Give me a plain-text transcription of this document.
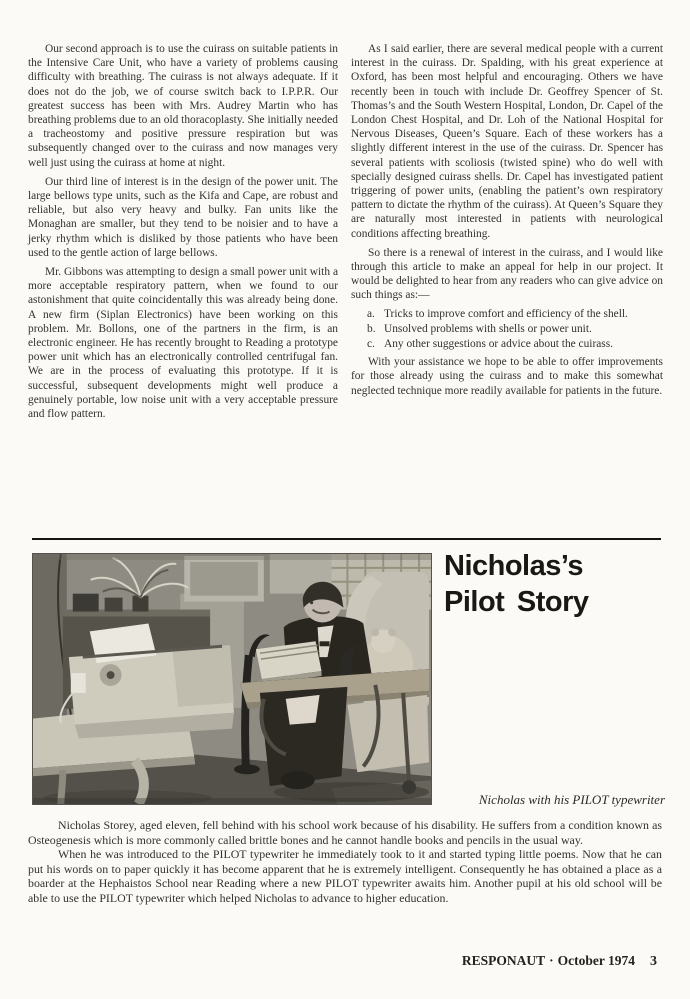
Our second approach is to use the cuirass on suitable patients in the Intensive Care Unit, who have a variety of problems causing difficulty with breathing. The cuirass is not always adequate. If it does not do the job, we of course switch back to I.P.P.R. Our greatest success has been with Mrs. Audrey Martin who has breathing problems due to an old thoracoplasty. She initially needed a tracheostomy and positive pressure respiration but was subsequently changed over to the cuirass and now manages very well just using the cuirass at home at night.

Our third line of interest is in the design of the power unit. The large bellows type units, such as the Kifa and Cape, are robust and reliable, but also very heavy and bulky. Fan units like the Monaghan are smaller, but they tend to be noisier and to have a jerky rhythm which is disliked by those patients who have been used to the gentle action of large bellows.

Mr. Gibbons was attempting to design a small power unit with a more acceptable respiratory pattern, when we found to our astonishment that quite coincidentally this was already being done. A new firm (Siplan Electronics) have been working on this problem. Mr. Bollons, one of the partners in the firm, is an electronic engineer. He has recently brought to Reading a prototype power unit which has an electronically controlled centrifugal fan. We are in the process of evaluating this prototype. If it is successful, subsequent developments might well produce a genuinely portable, low noise unit with a very acceptable pressure and flow pattern.

As I said earlier, there are several medical people with a current interest in the cuirass. Dr. Spalding, with his great experience at Oxford, has been most helpful and encouraging. Others we have recently been in touch with include Dr. Geoffrey Spencer of St. Thomas’s and the South Western Hospital, London, Dr. Capel of the London Chest Hospital, and Dr. Loh of the National Hospital for Nervous Diseases, Queen’s Square. Each of these workers has a slightly different interest in the use of the cuirass. Dr. Spencer has several patients with scoliosis (twisted spine) who do well with specially designed cuirass shells. Dr. Capel has investigated patient triggering of power units, (enabling the patient’s own respiratory pattern to dictate the rhythm of the cuirass). At Queen’s Square they are naturally most interested in patients with neurological conditions affecting breathing.

So there is a renewal of interest in the cuirass, and I would like through this article to make an appeal for help in our project. It would be delighted to hear from any readers who can give advice on such things as:—

a. Tricks to improve comfort and efficiency of the shell.
b. Unsolved problems with shells or power unit.
c. Any other suggestions or advice about the cuirass.

With your assistance we hope to be able to offer improvements for those already using the cuirass and to make this somewhat neglected technique more readily available for patients in the future.

Nicholas’s
Pilot Story
Nicholas with his PILOT typewriter

Nicholas Storey, aged eleven, fell behind with his school work because of his disability. He suffers from a condition known as Osteogenesis which is more commonly called brittle bones and he cannot handle books and pencils in the usual way.

When he was introduced to the PILOT typewriter he immediately took to it and started typing little poems. Now that he can put his words on to paper quickly it has become apparent that he is extremely intelligent. Consequently he has obtained a place as a boarder at the Hephaistos School near Reading where a new PILOT typewriter awaits him. Another pupil at his old school will be able to use the PILOT typewriter which helped Nicholas to advance to higher education.

RESPONAUT · October 1974 3
